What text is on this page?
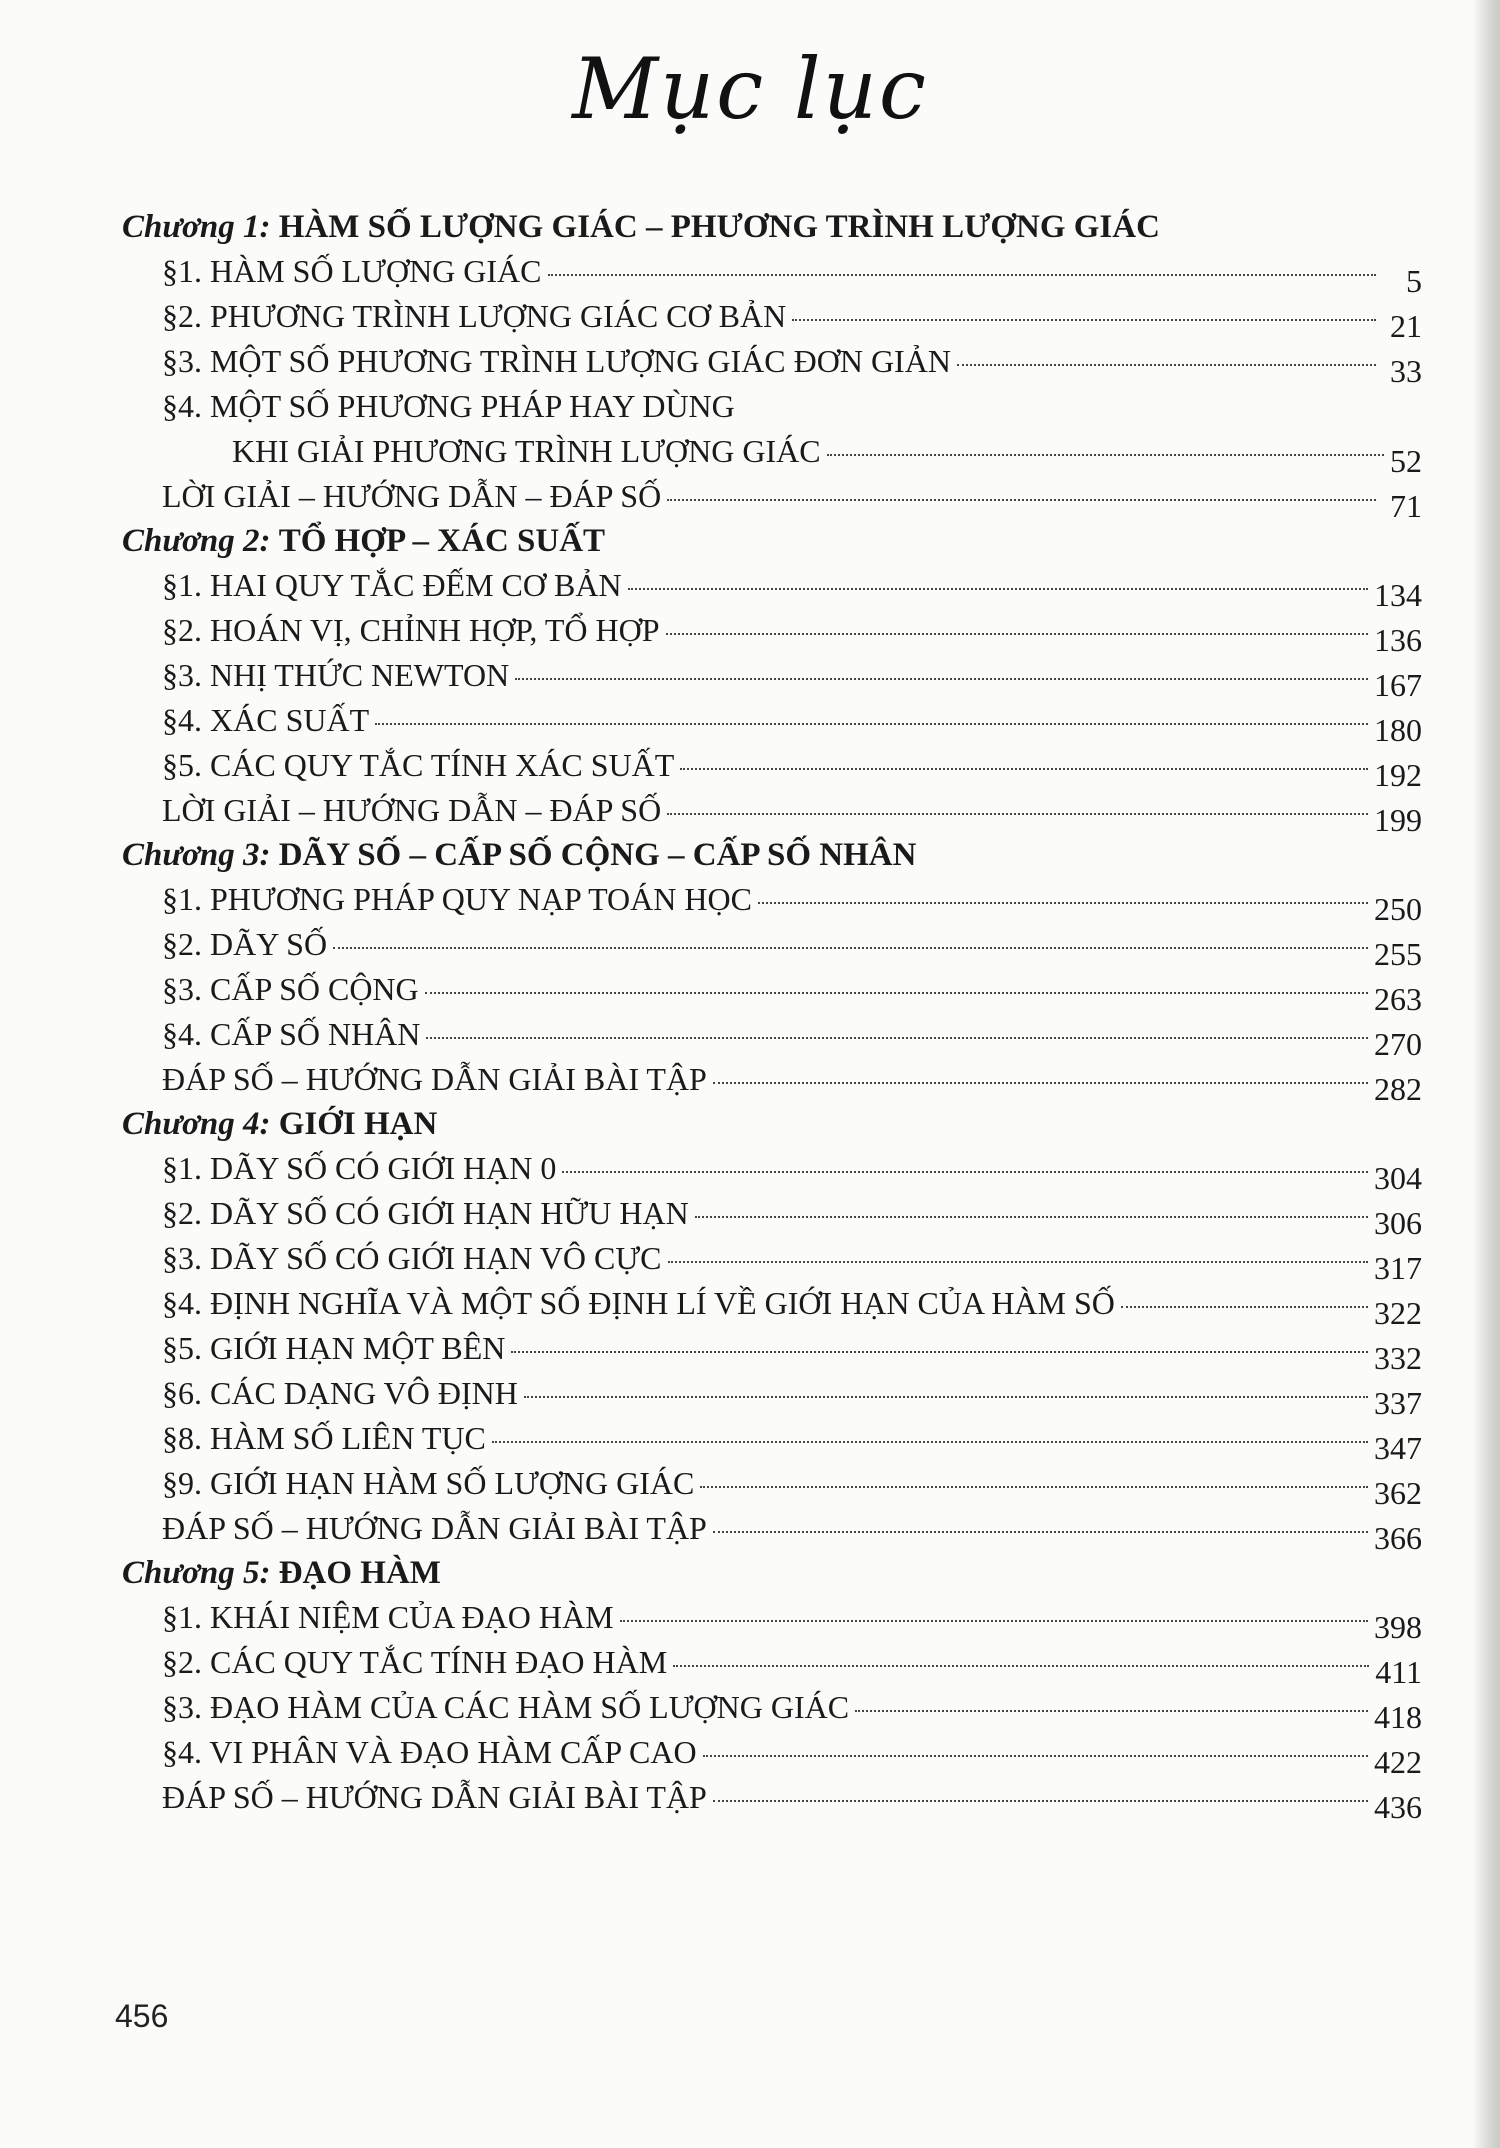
Mục lục
Chương 1: HÀM SỐ LƯỢNG GIÁC – PHƯƠNG TRÌNH LƯỢNG GIÁC
§1. HÀM SỐ LƯỢNG GIÁC	5
§2. PHƯƠNG TRÌNH LƯỢNG GIÁC CƠ BẢN	21
§3. MỘT SỐ PHƯƠNG TRÌNH LƯỢNG GIÁC ĐƠN GIẢN	33
§4. MỘT SỐ PHƯƠNG PHÁP HAY DÙNG
KHI GIẢI PHƯƠNG TRÌNH LƯỢNG GIÁC	52
LỜI GIẢI – HƯỚNG DẪN – ĐÁP SỐ	71
Chương 2: TỔ HỢP – XÁC SUẤT
§1. HAI QUY TẮC ĐẾM CƠ BẢN	134
§2. HOÁN VỊ, CHỈNH HỢP, TỔ HỢP	136
§3. NHỊ THỨC NEWTON	167
§4. XÁC SUẤT	180
§5. CÁC QUY TẮC TÍNH XÁC SUẤT	192
LỜI GIẢI – HƯỚNG DẪN – ĐÁP SỐ	199
Chương 3: DÃY SỐ – CẤP SỐ CỘNG – CẤP SỐ NHÂN
§1. PHƯƠNG PHÁP QUY NẠP TOÁN HỌC	250
§2. DÃY SỐ	255
§3. CẤP SỐ CỘNG	263
§4. CẤP SỐ NHÂN	270
ĐÁP SỐ – HƯỚNG DẪN GIẢI BÀI TẬP	282
Chương 4: GIỚI HẠN
§1. DÃY SỐ CÓ GIỚI HẠN 0	304
§2. DÃY SỐ CÓ GIỚI HẠN HỮU HẠN	306
§3. DÃY SỐ CÓ GIỚI HẠN VÔ CỰC	317
§4. ĐỊNH NGHĨA VÀ MỘT SỐ ĐỊNH LÍ VỀ GIỚI HẠN CỦA HÀM SỐ	322
§5. GIỚI HẠN MỘT BÊN	332
§6. CÁC DẠNG VÔ ĐỊNH	337
§8. HÀM SỐ LIÊN TỤC	347
§9. GIỚI HẠN HÀM SỐ LƯỢNG GIÁC	362
ĐÁP SỐ – HƯỚNG DẪN GIẢI BÀI TẬP	366
Chương 5: ĐẠO HÀM
§1. KHÁI NIỆM CỦA ĐẠO HÀM	398
§2. CÁC QUY TẮC TÍNH ĐẠO HÀM	411
§3. ĐẠO HÀM CỦA CÁC HÀM SỐ LƯỢNG GIÁC	418
§4. VI PHÂN VÀ ĐẠO HÀM CẤP CAO	422
ĐÁP SỐ – HƯỚNG DẪN GIẢI BÀI TẬP	436
456
